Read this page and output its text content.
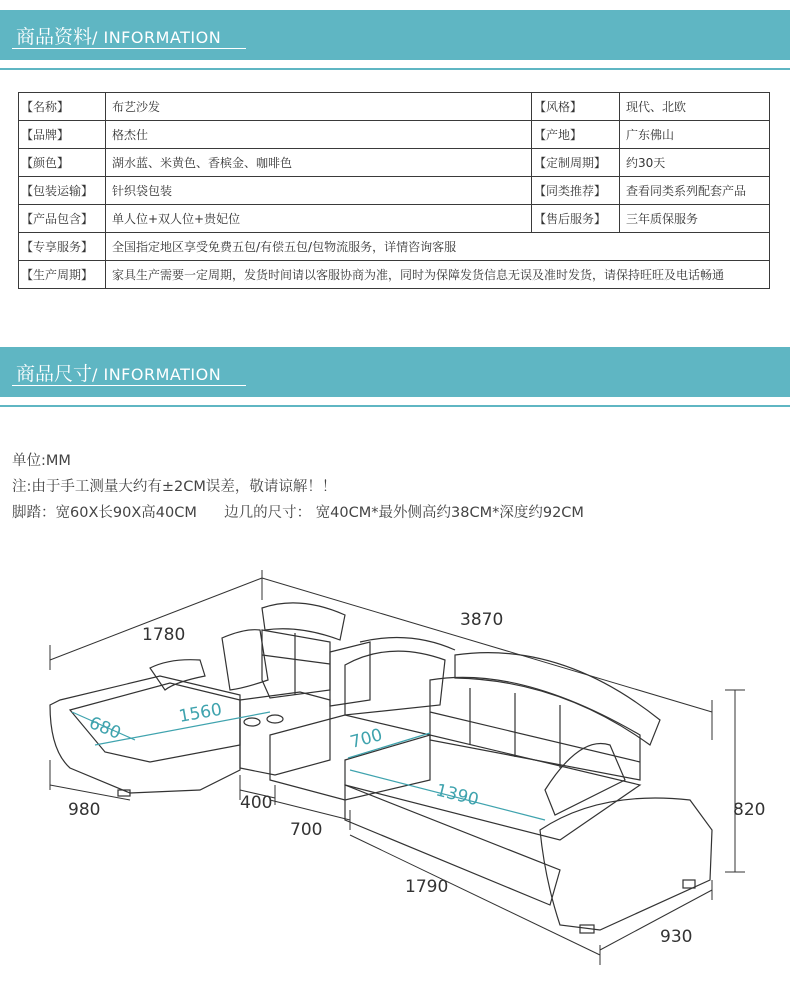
商品资料/ INFORMATION
【名称】	布艺沙发	【风格】	现代、北欧
【品牌】	格杰仕	【产地】	广东佛山
【颜色】	湖水蓝、米黄色、香槟金、咖啡色	【定制周期】	约30天
【包装运输】	针织袋包装	【同类推荐】	查看同类系列配套产品
【产品包含】	单人位+双人位+贵妃位	【售后服务】	三年质保服务
【专享服务】	全国指定地区享受免费五包/有偿五包/包物流服务，详情咨询客服		
【生产周期】	家具生产需要一定周期，发货时间请以客服协商为准，同时为保障发货信息无误及准时发货，请保持旺旺及电话畅通		
商品尺寸/ INFORMATION
单位:MM
注:由于手工测量大约有±2CM误差，敬请谅解！！
脚踏：宽60X长90X高40CM 边几的尺寸： 宽40CM*最外侧高约38CM*深度约92CM
1780
3870
820
980	400
700
1790
930
680	1560
700
1390
